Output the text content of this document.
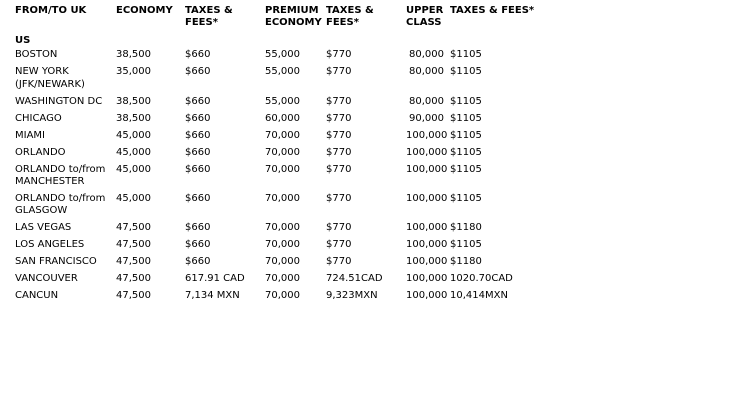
FROM/TO UK	ECONOMY	TAXES & FEES*	PREMIUM ECONOMY	TAXES & FEES*	UPPER CLASS	TAXES & FEES*
US						
BOSTON	38,500	$660	55,000	$770	80,000	$1105
NEW YORK (JFK/NEWARK)	35,000	$660	55,000	$770	80,000	$1105
WASHINGTON DC	38,500	$660	55,000	$770	80,000	$1105
CHICAGO	38,500	$660	60,000	$770	90,000	$1105
MIAMI	45,000	$660	70,000	$770	100,000	$1105
ORLANDO	45,000	$660	70,000	$770	100,000	$1105
ORLANDO to/from MANCHESTER	45,000	$660	70,000	$770	100,000	$1105
ORLANDO to/from GLASGOW	45,000	$660	70,000	$770	100,000	$1105
LAS VEGAS	47,500	$660	70,000	$770	100,000	$1180
LOS ANGELES	47,500	$660	70,000	$770	100,000	$1105
SAN FRANCISCO	47,500	$660	70,000	$770	100,000	$1180
VANCOUVER	47,500	617.91 CAD	70,000	724.51CAD	100,000	1020.70CAD
CANCUN	47,500	7,134 MXN	70,000	9,323MXN	100,000	10,414MXN
